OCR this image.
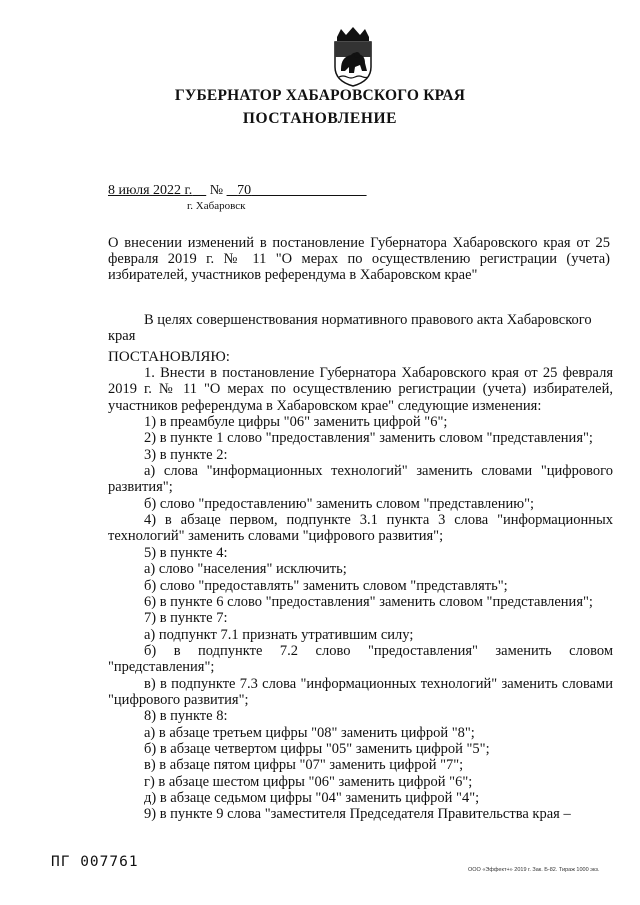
ГУБЕРНАТОР ХАБАРОВСКОГО КРАЯ
ПОСТАНОВЛЕНИЕ
8 июля 2022 г. № 70
г. Хабаровск
О внесении изменений в постановление Губернатора Хабаровского края от 25 февраля 2019 г. № 11 "О мерах по осуществлению регистрации (учета) избирателей, участников референдума в Хабаровском крае"

В целях совершенствования нормативного правового акта Хабаровского края

ПОСТАНОВЛЯЮ:

1. Внести в постановление Губернатора Хабаровского края от 25 февраля 2019 г. № 11 "О мерах по осуществлению регистрации (учета) избирателей, участников референдума в Хабаровском крае" следующие изменения:

1) в преамбуле цифры "06" заменить цифрой "6";

2) в пункте 1 слово "предоставления" заменить словом "представления";

3) в пункте 2:

а) слова "информационных технологий" заменить словами "цифрового развития";

б) слово "предоставлению" заменить словом "представлению";

4) в абзаце первом, подпункте 3.1 пункта 3 слова "информационных технологий" заменить словами "цифрового развития";

5) в пункте 4:

а) слово "населения" исключить;

б) слово "предоставлять" заменить словом "представлять";

6) в пункте 6 слово "предоставления" заменить словом "представления";

7) в пункте 7:

а) подпункт 7.1 признать утратившим силу;

б) в подпункте 7.2 слово "предоставления" заменить словом "представления";

в) в подпункте 7.3 слова "информационных технологий" заменить словами "цифрового развития";

8) в пункте 8:

а) в абзаце третьем цифры "08" заменить цифрой "8";

б) в абзаце четвертом цифры "05" заменить цифрой "5";

в) в абзаце пятом цифры "07" заменить цифрой "7";

г) в абзаце шестом цифры "06" заменить цифрой "6";

д) в абзаце седьмом цифры "04" заменить цифрой "4";

9) в пункте 9 слова "заместителя Председателя Правительства края –

ПГ 007761	ООО «Эффект+» 2019 г. Зак. Б-82. Тираж 1000 экз.
